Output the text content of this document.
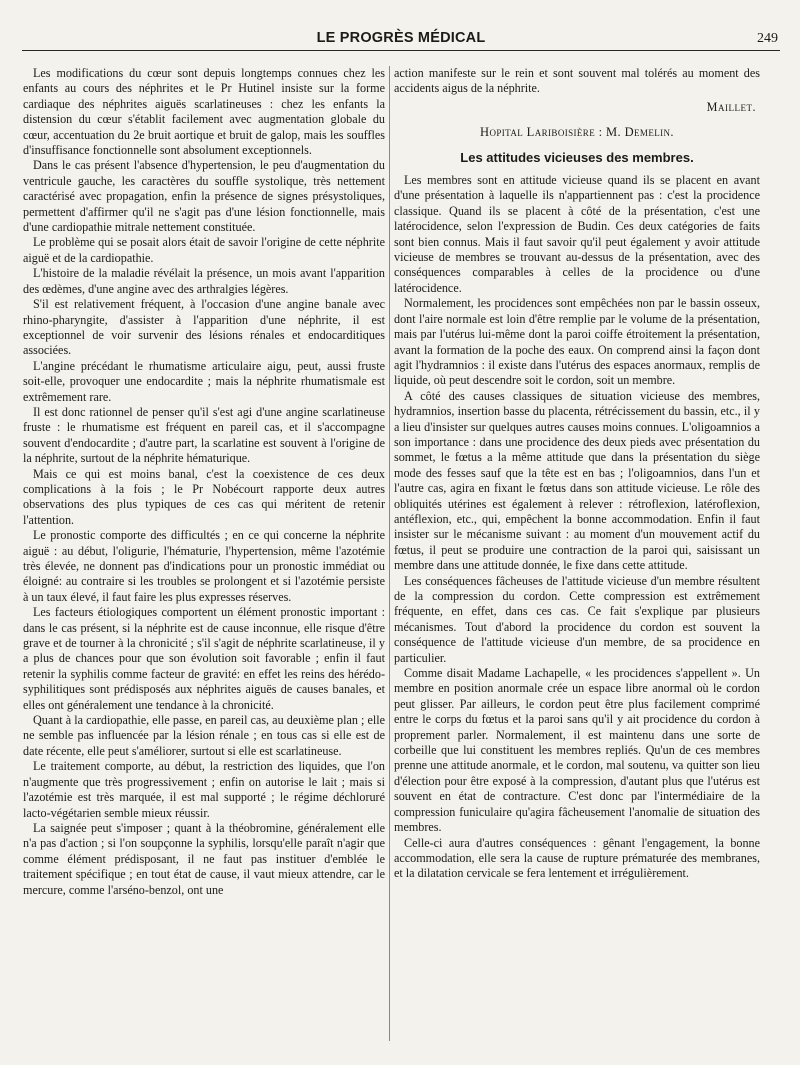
LE PROGRÈS MÉDICAL	249

Les modifications du cœur sont depuis longtemps connues chez les enfants au cours des néphrites et le Pr Hutinel insiste sur la forme cardiaque des néphrites aiguës scarlatineuses : chez les enfants la distension du cœur s'établit facilement avec augmentation globale du cœur, accentuation du 2e bruit aortique et bruit de galop, mais les souffles d'insuffisance fonctionnelle sont absolument exceptionnels.

Dans le cas présent l'absence d'hypertension, le peu d'augmentation du ventricule gauche, les caractères du souffle systolique, très nettement caractérisé avec propagation, enfin la présence de signes présystoliques, permettent d'affirmer qu'il ne s'agit pas d'une lésion fonctionnelle, mais d'une cardiopathie mitrale nettement constituée.

Le problème qui se posait alors était de savoir l'origine de cette néphrite aiguë et de la cardiopathie.

L'histoire de la maladie révélait la présence, un mois avant l'apparition des œdèmes, d'une angine avec des arthralgies légères.

S'il est relativement fréquent, à l'occasion d'une angine banale avec rhino-pharyngite, d'assister à l'apparition d'une néphrite, il est exceptionnel de voir survenir des lésions rénales et endocarditiques associées.

L'angine précédant le rhumatisme articulaire aigu, peut, aussi fruste soit-elle, provoquer une endocardite ; mais la néphrite rhumatismale est extrêmement rare.

Il est donc rationnel de penser qu'il s'est agi d'une angine scarlatineuse fruste : le rhumatisme est fréquent en pareil cas, et il s'accompagne souvent d'endocardite ; d'autre part, la scarlatine est souvent à l'origine de la néphrite, surtout de la néphrite hématurique.

Mais ce qui est moins banal, c'est la coexistence de ces deux complications à la fois ; le Pr Nobécourt rapporte deux autres observations des plus typiques de ces cas qui méritent de retenir l'attention.

Le pronostic comporte des difficultés ; en ce qui concerne la néphrite aiguë : au début, l'oligurie, l'hématurie, l'hypertension, même l'azotémie très élevée, ne donnent pas d'indications pour un pronostic immédiat ou éloigné: au contraire si les troubles se prolongent et si l'azotémie persiste à un taux élevé, il faut faire les plus expresses réserves.

Les facteurs étiologiques comportent un élément pronostic important : dans le cas présent, si la néphrite est de cause inconnue, elle risque d'être grave et de tourner à la chronicité ; s'il s'agit de néphrite scarlatineuse, il y a plus de chances pour que son évolution soit favorable ; enfin il faut retenir la syphilis comme facteur de gravité: en effet les reins des hérédo-syphilitiques sont prédisposés aux néphrites aiguës de causes banales, et elles ont généralement une tendance à la chronicité.

Quant à la cardiopathie, elle passe, en pareil cas, au deuxième plan ; elle ne semble pas influencée par la lésion rénale ; en tous cas si elle est de date récente, elle peut s'améliorer, surtout si elle est scarlatineuse.

Le traitement comporte, au début, la restriction des liquides, que l'on n'augmente que très progressivement ; enfin on autorise le lait ; mais si l'azotémie est très marquée, il est mal supporté ; le régime déchloruré lacto-végétarien semble mieux réussir.

La saignée peut s'imposer ; quant à la théobromine, généralement elle n'a pas d'action ; si l'on soupçonne la syphilis, lorsqu'elle paraît n'agir que comme élément prédisposant, il ne faut pas instituer d'emblée le traitement spécifique ; en tout état de cause, il vaut mieux attendre, car le mercure, comme l'arséno-benzol, ont une

action manifeste sur le rein et sont souvent mal tolérés au moment des accidents aigus de la néphrite.

Maillet.
Hopital Lariboisière : M. Demelin.
Les attitudes vicieuses des membres.

Les membres sont en attitude vicieuse quand ils se placent en avant d'une présentation à laquelle ils n'appartiennent pas : c'est la procidence classique. Quand ils se placent à côté de la présentation, c'est une latérocidence, selon l'expression de Budin. Ces deux catégories de faits sont bien connus. Mais il faut savoir qu'il peut également y avoir attitude vicieuse de membres se trouvant au-dessus de la présentation, avec des conséquences comparables à celles de la procidence ou d'une latérocidence.

Normalement, les procidences sont empêchées non par le bassin osseux, dont l'aire normale est loin d'être remplie par le volume de la présentation, mais par l'utérus lui-même dont la paroi coiffe étroitement la présentation, avant la formation de la poche des eaux. On comprend ainsi la façon dont agit l'hydramnios : il existe dans l'utérus des espaces anormaux, remplis de liquide, où peut descendre soit le cordon, soit un membre.

A côté des causes classiques de situation vicieuse des membres, hydramnios, insertion basse du placenta, rétrécissement du bassin, etc., il y a lieu d'insister sur quelques autres causes moins connues. L'oligoamnios a son importance : dans une procidence des deux pieds avec présentation du sommet, le fœtus a la même attitude que dans la présentation du siège mode des fesses sauf que la tête est en bas ; l'oligoamnios, dans l'un et l'autre cas, agira en fixant le fœtus dans son attitude vicieuse. Le rôle des obliquités utérines est également à relever : rétroflexion, latéroflexion, antéflexion, etc., qui, empêchent la bonne accommodation. Enfin il faut insister sur le mécanisme suivant : au moment d'un mouvement actif du fœtus, il peut se produire une contraction de la paroi qui, saisissant un membre dans une attitude donnée, le fixe dans cette attitude.

Les conséquences fâcheuses de l'attitude vicieuse d'un membre résultent de la compression du cordon. Cette compression est extrêmement fréquente, en effet, dans ces cas. Ce fait s'explique par plusieurs mécanismes. Tout d'abord la procidence du cordon est souvent la conséquence de l'attitude vicieuse d'un membre, de sa procidence en particulier.

Comme disait Madame Lachapelle, « les procidences s'appellent ». Un membre en position anormale crée un espace libre anormal où le cordon peut glisser. Par ailleurs, le cordon peut être plus facilement comprimé entre le corps du fœtus et la paroi sans qu'il y ait procidence du cordon à proprement parler. Normalement, il est maintenu dans une sorte de corbeille que lui constituent les membres repliés. Qu'un de ces membres prenne une attitude anormale, et le cordon, mal soutenu, va quitter son lieu d'élection pour être exposé à la compression, d'autant plus que l'utérus est souvent en état de contracture. C'est donc par l'intermédiaire de la compression funiculaire qu'agira fâcheusement l'anomalie de situation des membres.

Celle-ci aura d'autres conséquences : gênant l'engagement, la bonne accommodation, elle sera la cause de rupture prématurée des membranes, et la dilatation cervicale se fera lentement et irrégulièrement.
